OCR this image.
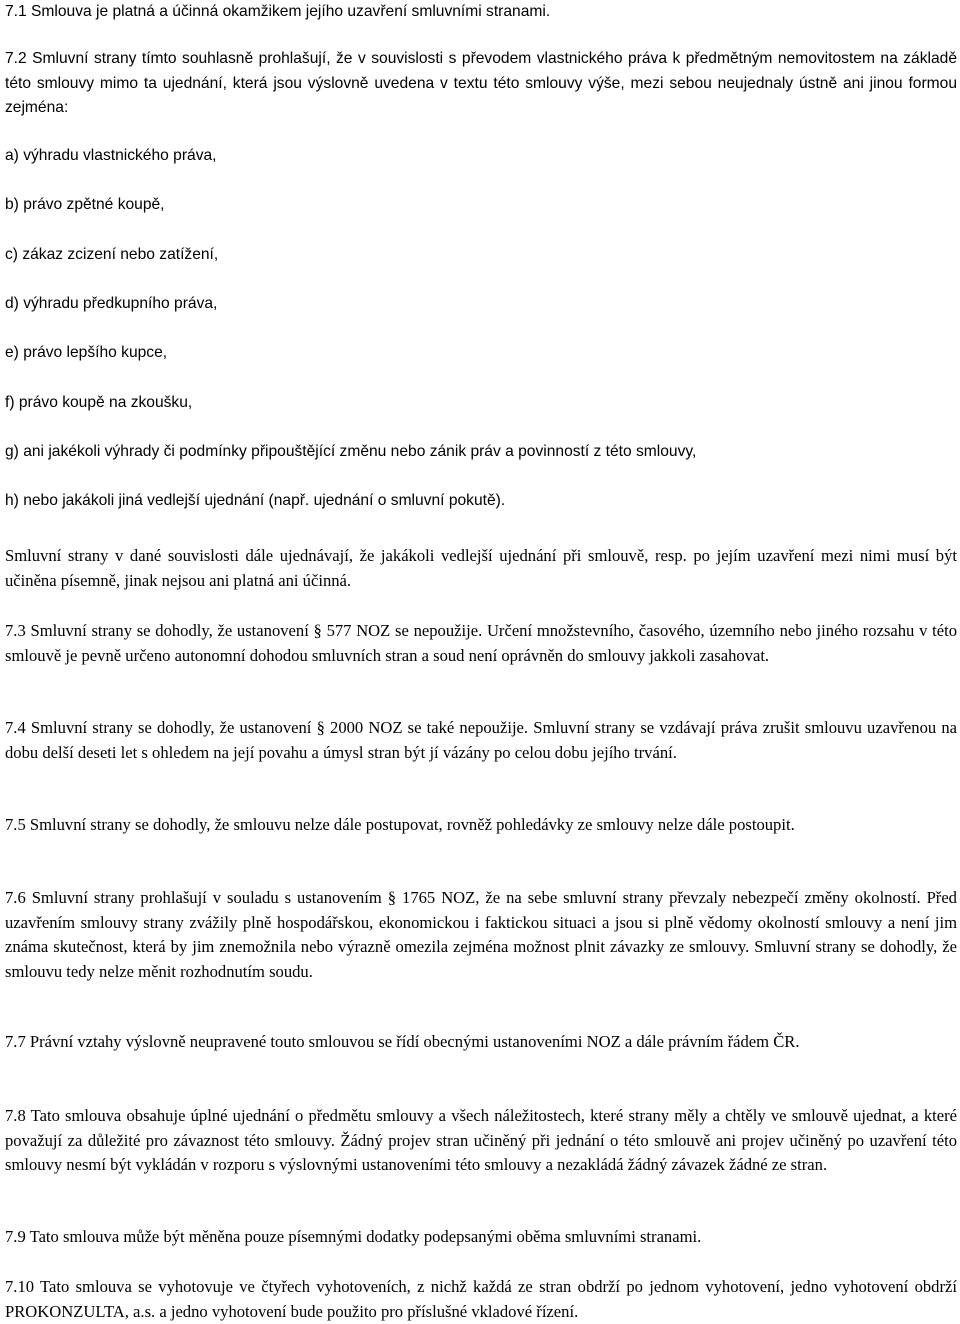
7.1 Smlouva je platná a účinná okamžikem jejího uzavření smluvními stranami.

7.2 Smluvní strany tímto souhlasně prohlašují, že v souvislosti s převodem vlastnického práva k předmětným nemovitostem na základě této smlouvy mimo ta ujednání, která jsou výslovně uvedena v textu této smlouvy výše, mezi sebou neujednaly ústně ani jinou formou zejména:

a) výhradu vlastnického práva,

b) právo zpětné koupě,

c) zákaz zcizení nebo zatížení,

d) výhradu předkupního práva,

e) právo lepšího kupce,

f) právo koupě na zkoušku,

g) ani jakékoli výhrady či podmínky připouštějící změnu nebo zánik práv a povinností z této smlouvy,

h) nebo jakákoli jiná vedlejší ujednání (např. ujednání o smluvní pokutě).

Smluvní strany v dané souvislosti dále ujednávají, že jakákoli vedlejší ujednání při smlouvě, resp. po jejím uzavření mezi nimi musí být učiněna písemně, jinak nejsou ani platná ani účinná.

7.3 Smluvní strany se dohodly, že ustanovení § 577 NOZ se nepoužije. Určení množstevního, časového, územního nebo jiného rozsahu v této smlouvě je pevně určeno autonomní dohodou smluvních stran a soud není oprávněn do smlouvy jakkoli zasahovat.

7.4 Smluvní strany se dohodly, že ustanovení § 2000 NOZ se také nepoužije. Smluvní strany se vzdávají práva zrušit smlouvu uzavřenou na dobu delší deseti let s ohledem na její povahu a úmysl stran být jí vázány po celou dobu jejího trvání.

7.5 Smluvní strany se dohodly, že smlouvu nelze dále postupovat, rovněž pohledávky ze smlouvy nelze dále postoupit.

7.6 Smluvní strany prohlašují v souladu s ustanovením § 1765 NOZ, že na sebe smluvní strany převzaly nebezpečí změny okolností. Před uzavřením smlouvy strany zvážily plně hospodářskou, ekonomickou i faktickou situaci a jsou si plně vědomy okolností smlouvy a není jim známa skutečnost, která by jim znemožnila nebo výrazně omezila zejména možnost plnit závazky ze smlouvy. Smluvní strany se dohodly, že smlouvu tedy nelze měnit rozhodnutím soudu.

7.7 Právní vztahy výslovně neupravené touto smlouvou se řídí obecnými ustanoveními NOZ a dále právním řádem ČR.

7.8 Tato smlouva obsahuje úplné ujednání o předmětu smlouvy a všech náležitostech, které strany měly a chtěly ve smlouvě ujednat, a které považují za důležité pro závaznost této smlouvy. Žádný projev stran učiněný při jednání o této smlouvě ani projev učiněný po uzavření této smlouvy nesmí být vykládán v rozporu s výslovnými ustanoveními této smlouvy a nezakládá žádný závazek žádné ze stran.

7.9 Tato smlouva může být měněna pouze písemnými dodatky podepsanými oběma smluvními stranami.

7.10 Tato smlouva se vyhotovuje ve čtyřech vyhotoveních, z nichž každá ze stran obdrží po jednom vyhotovení, jedno vyhotovení obdrží PROKONZULTA, a.s. a jedno vyhotovení bude použito pro příslušné vkladové řízení.
